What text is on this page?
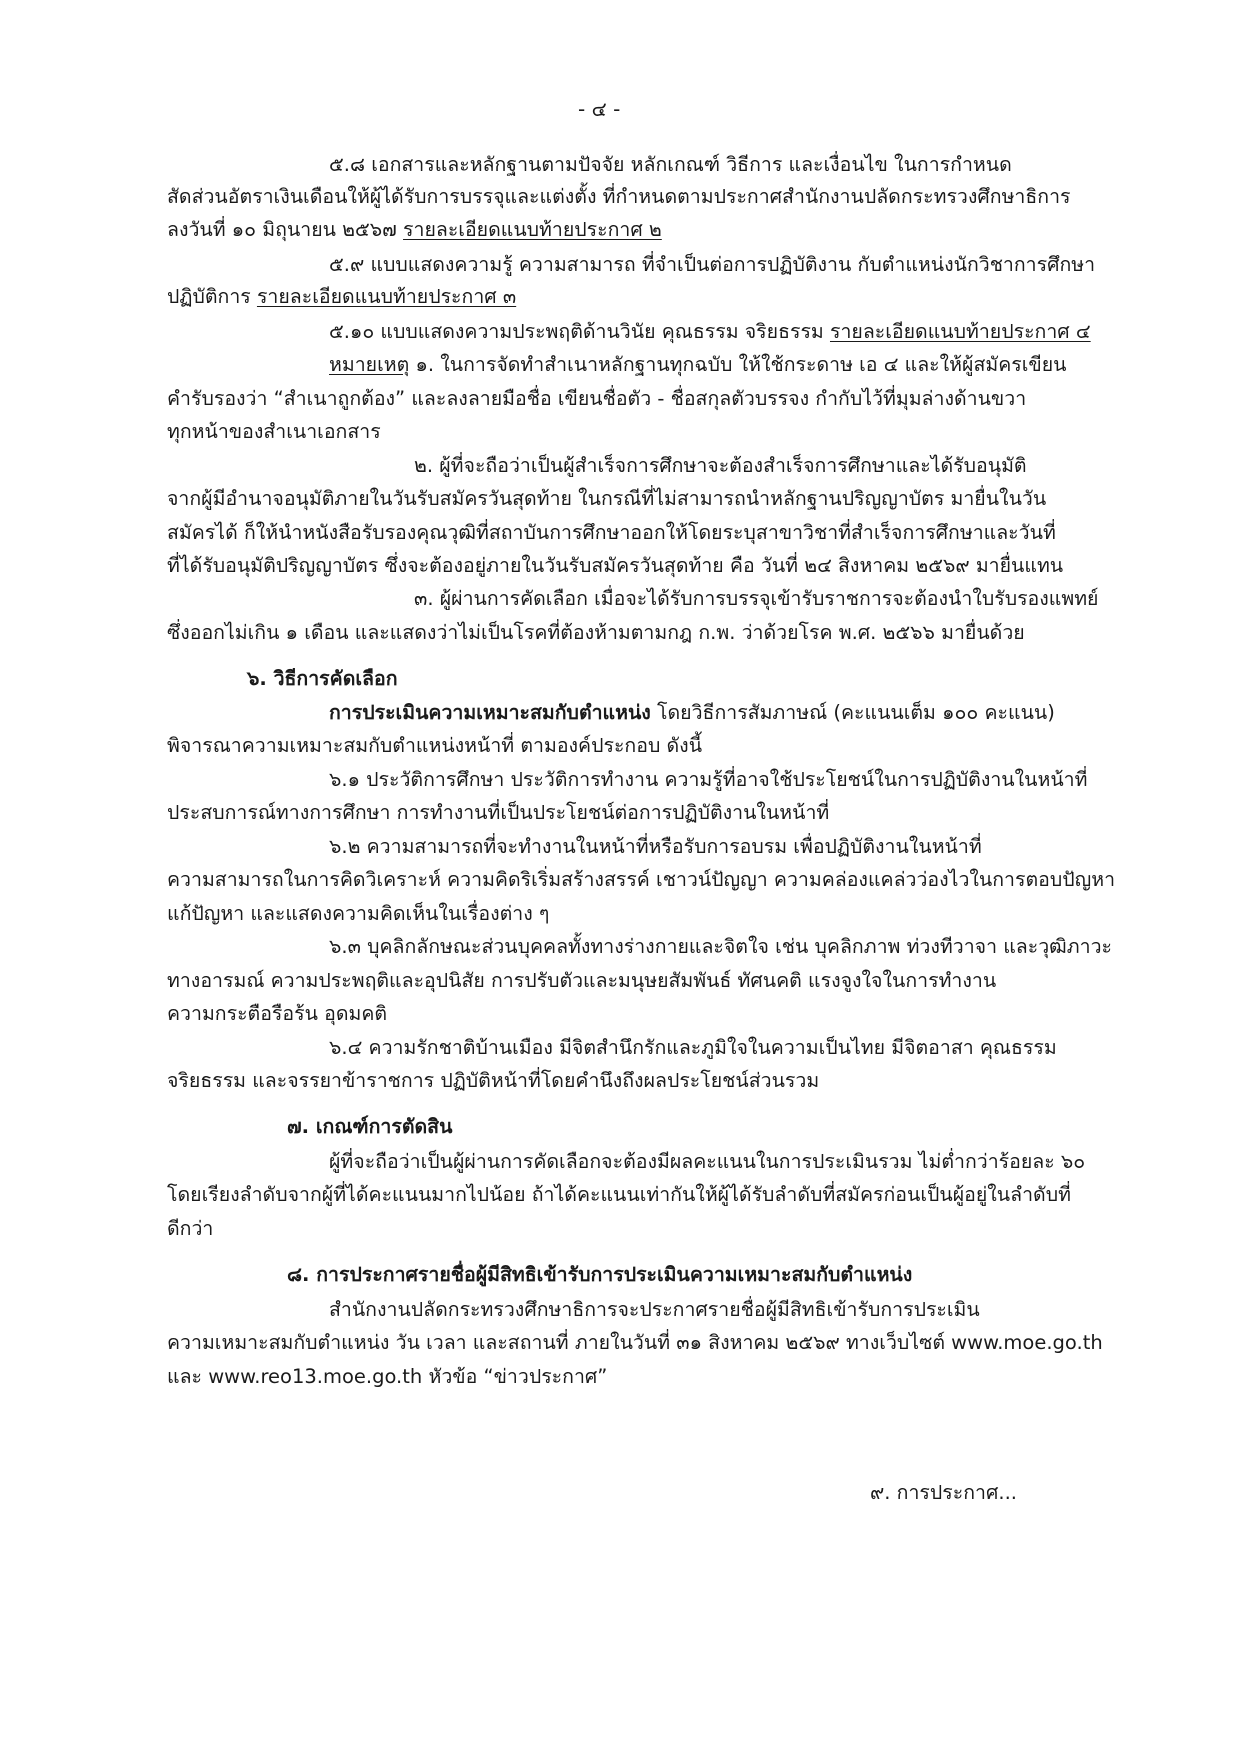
- ๔ -
๕.๘ เอกสารและหลักฐานตามปัจจัย หลักเกณฑ์ วิธีการ และเงื่อนไข ในการกำหนด
สัดส่วนอัตราเงินเดือนให้ผู้ได้รับการบรรจุและแต่งตั้ง ที่กำหนดตามประกาศสำนักงานปลัดกระทรวงศึกษาธิการ
ลงวันที่ ๑๐ มิถุนายน ๒๕๖๗ รายละเอียดแนบท้ายประกาศ ๒
๕.๙ แบบแสดงความรู้ ความสามารถ ที่จำเป็นต่อการปฏิบัติงาน กับตำแหน่งนักวิชาการศึกษา
ปฏิบัติการ รายละเอียดแนบท้ายประกาศ ๓
๕.๑๐ แบบแสดงความประพฤติด้านวินัย คุณธรรม จริยธรรม รายละเอียดแนบท้ายประกาศ ๔
หมายเหตุ ๑. ในการจัดทำสำเนาหลักฐานทุกฉบับ ให้ใช้กระดาษ เอ ๔ และให้ผู้สมัครเขียน
คำรับรองว่า “สำเนาถูกต้อง” และลงลายมือชื่อ เขียนชื่อตัว - ชื่อสกุลตัวบรรจง กำกับไว้ที่มุมล่างด้านขวา
ทุกหน้าของสำเนาเอกสาร
๒. ผู้ที่จะถือว่าเป็นผู้สำเร็จการศึกษาจะต้องสำเร็จการศึกษาและได้รับอนุมัติ
จากผู้มีอำนาจอนุมัติภายในวันรับสมัครวันสุดท้าย ในกรณีที่ไม่สามารถนำหลักฐานปริญญาบัตร มายื่นในวัน
สมัครได้ ก็ให้นำหนังสือรับรองคุณวุฒิที่สถาบันการศึกษาออกให้โดยระบุสาขาวิชาที่สำเร็จการศึกษาและวันที่
ที่ได้รับอนุมัติปริญญาบัตร ซึ่งจะต้องอยู่ภายในวันรับสมัครวันสุดท้าย คือ วันที่ ๒๔ สิงหาคม ๒๕๖๙ มายื่นแทน
๓. ผู้ผ่านการคัดเลือก เมื่อจะได้รับการบรรจุเข้ารับราชการจะต้องนำใบรับรองแพทย์
ซึ่งออกไม่เกิน ๑ เดือน และแสดงว่าไม่เป็นโรคที่ต้องห้ามตามกฎ ก.พ. ว่าด้วยโรค พ.ศ. ๒๕๖๖ มายื่นด้วย
๖. วิธีการคัดเลือก
การประเมินความเหมาะสมกับตำแหน่ง โดยวิธีการสัมภาษณ์ (คะแนนเต็ม ๑๐๐ คะแนน)
พิจารณาความเหมาะสมกับตำแหน่งหน้าที่ ตามองค์ประกอบ ดังนี้
๖.๑ ประวัติการศึกษา ประวัติการทำงาน ความรู้ที่อาจใช้ประโยชน์ในการปฏิบัติงานในหน้าที่
ประสบการณ์ทางการศึกษา การทำงานที่เป็นประโยชน์ต่อการปฏิบัติงานในหน้าที่
๖.๒ ความสามารถที่จะทำงานในหน้าที่หรือรับการอบรม เพื่อปฏิบัติงานในหน้าที่
ความสามารถในการคิดวิเคราะห์ ความคิดริเริ่มสร้างสรรค์ เชาวน์ปัญญา ความคล่องแคล่วว่องไวในการตอบปัญหา
แก้ปัญหา และแสดงความคิดเห็นในเรื่องต่าง ๆ
๖.๓ บุคลิกลักษณะส่วนบุคคลทั้งทางร่างกายและจิตใจ เช่น บุคลิกภาพ ท่วงทีวาจา และวุฒิภาวะ
ทางอารมณ์ ความประพฤติและอุปนิสัย การปรับตัวและมนุษยสัมพันธ์ ทัศนคติ แรงจูงใจในการทำงาน
ความกระตือรือร้น อุดมคติ
๖.๔ ความรักชาติบ้านเมือง มีจิตสำนึกรักและภูมิใจในความเป็นไทย มีจิตอาสา คุณธรรม
จริยธรรม และจรรยาข้าราชการ ปฏิบัติหน้าที่โดยคำนึงถึงผลประโยชน์ส่วนรวม
๗. เกณฑ์การตัดสิน
ผู้ที่จะถือว่าเป็นผู้ผ่านการคัดเลือกจะต้องมีผลคะแนนในการประเมินรวม ไม่ต่ำกว่าร้อยละ ๖๐
โดยเรียงลำดับจากผู้ที่ได้คะแนนมากไปน้อย ถ้าได้คะแนนเท่ากันให้ผู้ได้รับลำดับที่สมัครก่อนเป็นผู้อยู่ในลำดับที่
ดีกว่า
๘. การประกาศรายชื่อผู้มีสิทธิเข้ารับการประเมินความเหมาะสมกับตำแหน่ง
สำนักงานปลัดกระทรวงศึกษาธิการจะประกาศรายชื่อผู้มีสิทธิเข้ารับการประเมิน
ความเหมาะสมกับตำแหน่ง วัน เวลา และสถานที่ ภายในวันที่ ๓๑ สิงหาคม ๒๕๖๙ ทางเว็บไซต์ www.moe.go.th
และ www.reo13.moe.go.th หัวข้อ “ข่าวประกาศ”
๙. การประกาศ...
